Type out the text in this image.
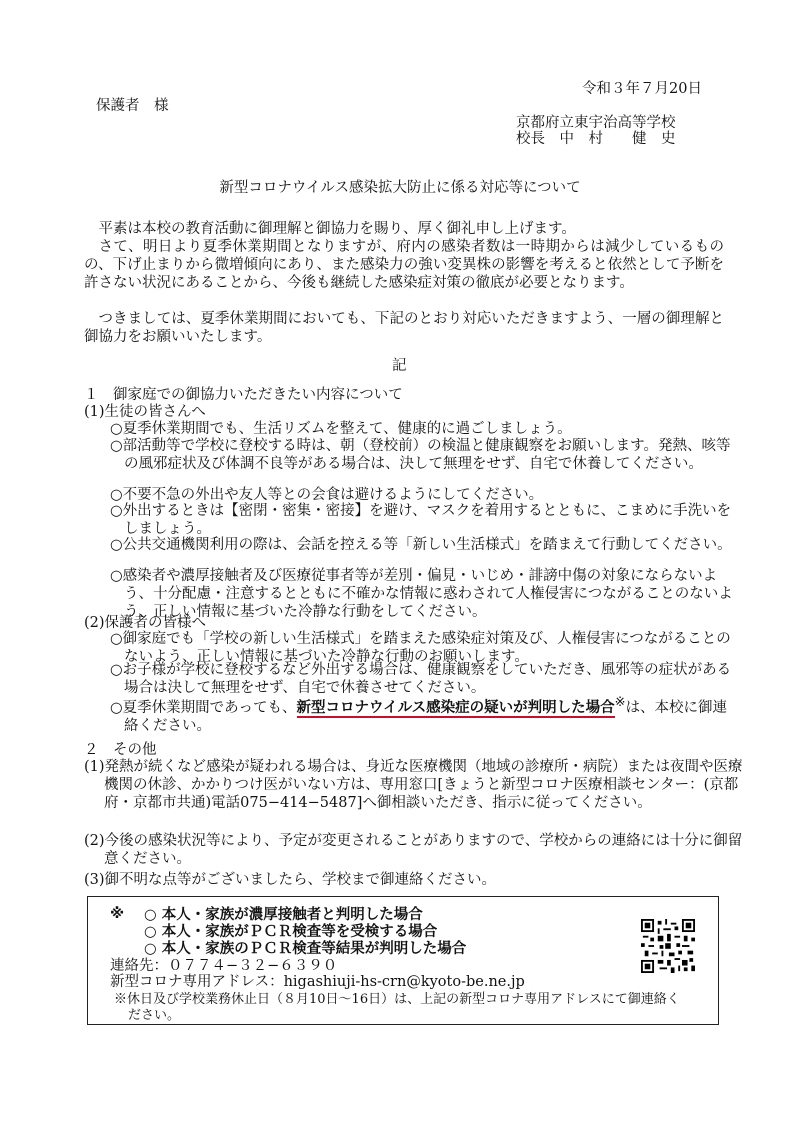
令和３年７月20日
保護者　様
京都府立東宇治高等学校
校長　中　村　　健　史
新型コロナウイルス感染拡大防止に係る対応等について
平素は本校の教育活動に御理解と御協力を賜り、厚く御礼申し上げます。
さて、明日より夏季休業期間となりますが、府内の感染者数は一時期からは減少しているものの、下げ止まりから微増傾向にあり、また感染力の強い変異株の影響を考えると依然として予断を許さない状況にあることから、今後も継続した感染症対策の徹底が必要となります。
つきましては、夏季休業期間においても、下記のとおり対応いただきますよう、一層の御理解と御協力をお願いいたします。
記
１　御家庭での御協力いただきたい内容について
(1)生徒の皆さんへ
○夏季休業期間でも、生活リズムを整えて、健康的に過ごしましょう。
○部活動等で学校に登校する時は、朝（登校前）の検温と健康観察をお願いします。発熱、咳等の風邪症状及び体調不良等がある場合は、決して無理をせず、自宅で休養してください。
○不要不急の外出や友人等との会食は避けるようにしてください。
○外出するときは【密閉・密集・密接】を避け、マスクを着用するとともに、こまめに手洗いをしましょう。
○公共交通機関利用の際は、会話を控える等「新しい生活様式」を踏まえて行動してください。
○感染者や濃厚接触者及び医療従事者等が差別・偏見・いじめ・誹謗中傷の対象にならないよう、十分配慮・注意するとともに不確かな情報に惑わされて人権侵害につながることのないよう、正しい情報に基づいた冷静な行動をしてください。
(2)保護者の皆様へ
○御家庭でも「学校の新しい生活様式」を踏まえた感染症対策及び、人権侵害につながることのないよう、正しい情報に基づいた冷静な行動のお願いします。
○お子様が学校に登校するなど外出する場合は、健康観察をしていただき、風邪等の症状がある場合は決して無理をせず、自宅で休養させてください。
○夏季休業期間であっても、新型コロナウイルス感染症の疑いが判明した場合※は、本校に御連絡ください。
２　その他
(1)発熱が続くなど感染が疑われる場合は、身近な医療機関（地域の診療所・病院）または夜間や医療機関の休診、かかりつけ医がいない方は、専用窓口[きょうと新型コロナ医療相談センター：(京都府・京都市共通)電話075−414−5487]へ御相談いただき、指示に従ってください。
(2)今後の感染状況等により、予定が変更されることがありますので、学校からの連絡には十分に御留意ください。
(3)御不明な点等がございましたら、学校まで御連絡ください。
※ ○ 本人・家族が濃厚接触者と判明した場合
○ 本人・家族がＰＣＲ検査等を受検する場合
○ 本人・家族のＰＣＲ検査等結果が判明した場合
連絡先：０７７４−３２−６３９０
新型コロナ専用アドレス：higashiuji-hs-crn@kyoto-be.ne.jp
※休日及び学校業務休止日（８月10日〜16日）は、上記の新型コロナ専用アドレスにて御連絡ください。
